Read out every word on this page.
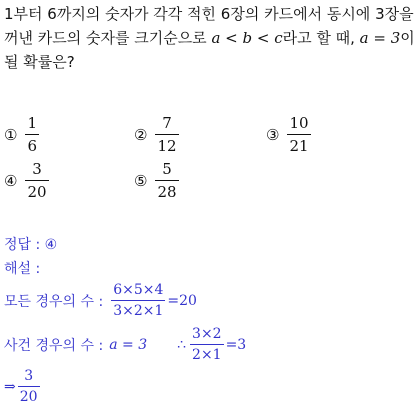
1부터 6까지의 숫자가 각각 적힌 6장의 카드에서 동시에 3장을
꺼낸 카드의 숫자를 크기순으로 a < b < c라고 할 때, a = 3이
될 확률은?
① $\frac{1}{6}$	② $\frac{7}{12}$	③ $\frac{10}{21}$
④ $\frac{3}{20}$	⑤ $\frac{5}{28}$
정답 : ④
해설 :
모든 경우의 수 : $\frac{6\times 5\times 4}{3\times 2\times 1} =20$
사건 경우의 수 : a = 3 ∴ $\frac{3\times 2}{2\times 1} =3$
⇒ $\frac{3}{20}$
